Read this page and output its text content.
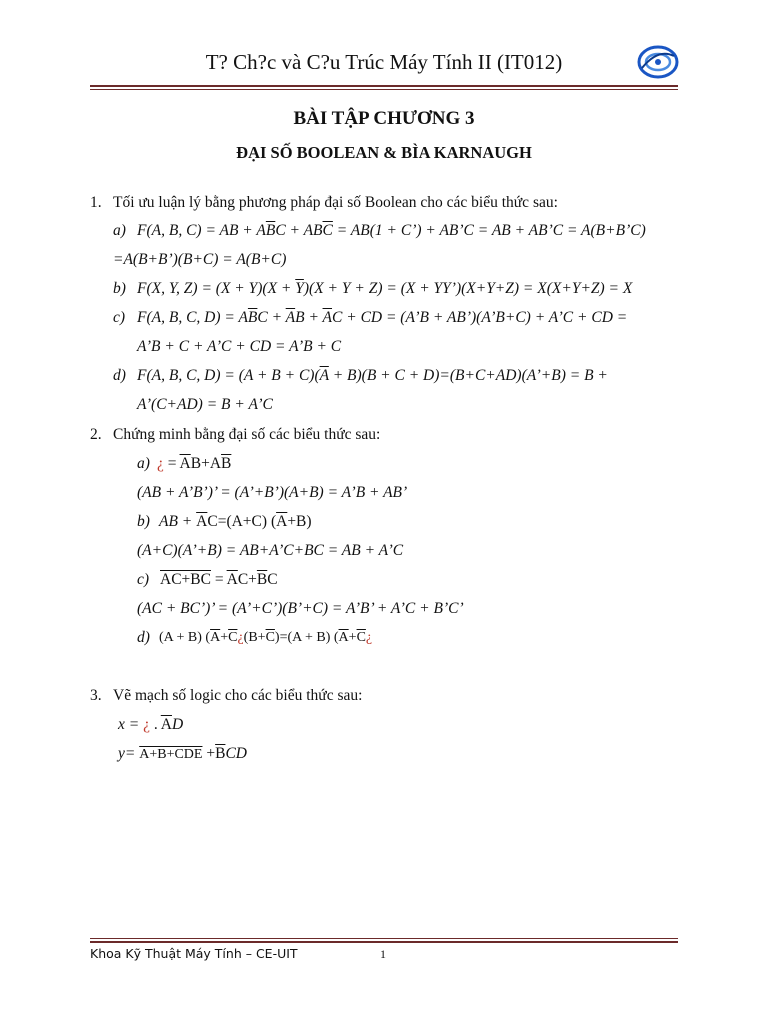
T? Ch?c và C?u Trúc Máy Tính II (IT012)
BÀI TẬP CHƯƠNG 3
ĐẠI SỐ BOOLEAN & BÌA KARNAUGH
1. Tối ưu luận lý bằng phương pháp đại số Boolean cho các biểu thức sau:
a) F(A, B, C) = AB + $A\overline{B}C + AB\overline{C} = AB(1$ + C’) + AB’C = AB + AB’C = A(B+B’C)
=A(B+B’)(B+C) = A(B+C)
b) F(X, Y, $Z) = (X + Y)(X + \overline{Y})(X + Y + Z) = (X$ + YY’)(X+Y+Z) = X(X+Y+Z) = X
c) F(A, B, C, $D) = A\overline{B}C + \overline{A}B + \overline{A}C$ + CD = (A’B + AB’)(A’B+C) + A’C + CD =
A’B + C + A’C + CD = A’B + C
d) F(A, B, C, $D) = (A + B + C)(\overline{A} + B)(B + C$ + D)=(B+C+AD)(A’+B) = B +
A’(C+AD) = B + A’C
2. Chứng minh bằng đại số các biểu thức sau:
a) ¿ = $\overline{A}B+A\overline{B}$
(AB + A’B’)’ = (A’+B’)(A+B) = A’B + AB’
b) AB + $\overline{A}C=(A+C)$ $(\overline{A}+B)$
(A+C)(A’+B) = AB+A’C+BC = AB + A’C
c) $AC+BC = \overline{A}C+\overline{B}C$
(AC + BC’)’ = (A’+C’)(B’+C) = A’B’ + A’C + B’C’
d) (A + B) ($\overline{A}+\overline{C}¿(B+\overline{C})=(A + B)$ ($\overline{A}+\overline{C}¿$
3. Vẽ mạch số logic cho các biểu thức sau:
x = ¿ . $\overline{A}D$
$y= A+B+CDE +\overline{B}CD$
Khoa Kỹ Thuật Máy Tính – CE-UIT	1
